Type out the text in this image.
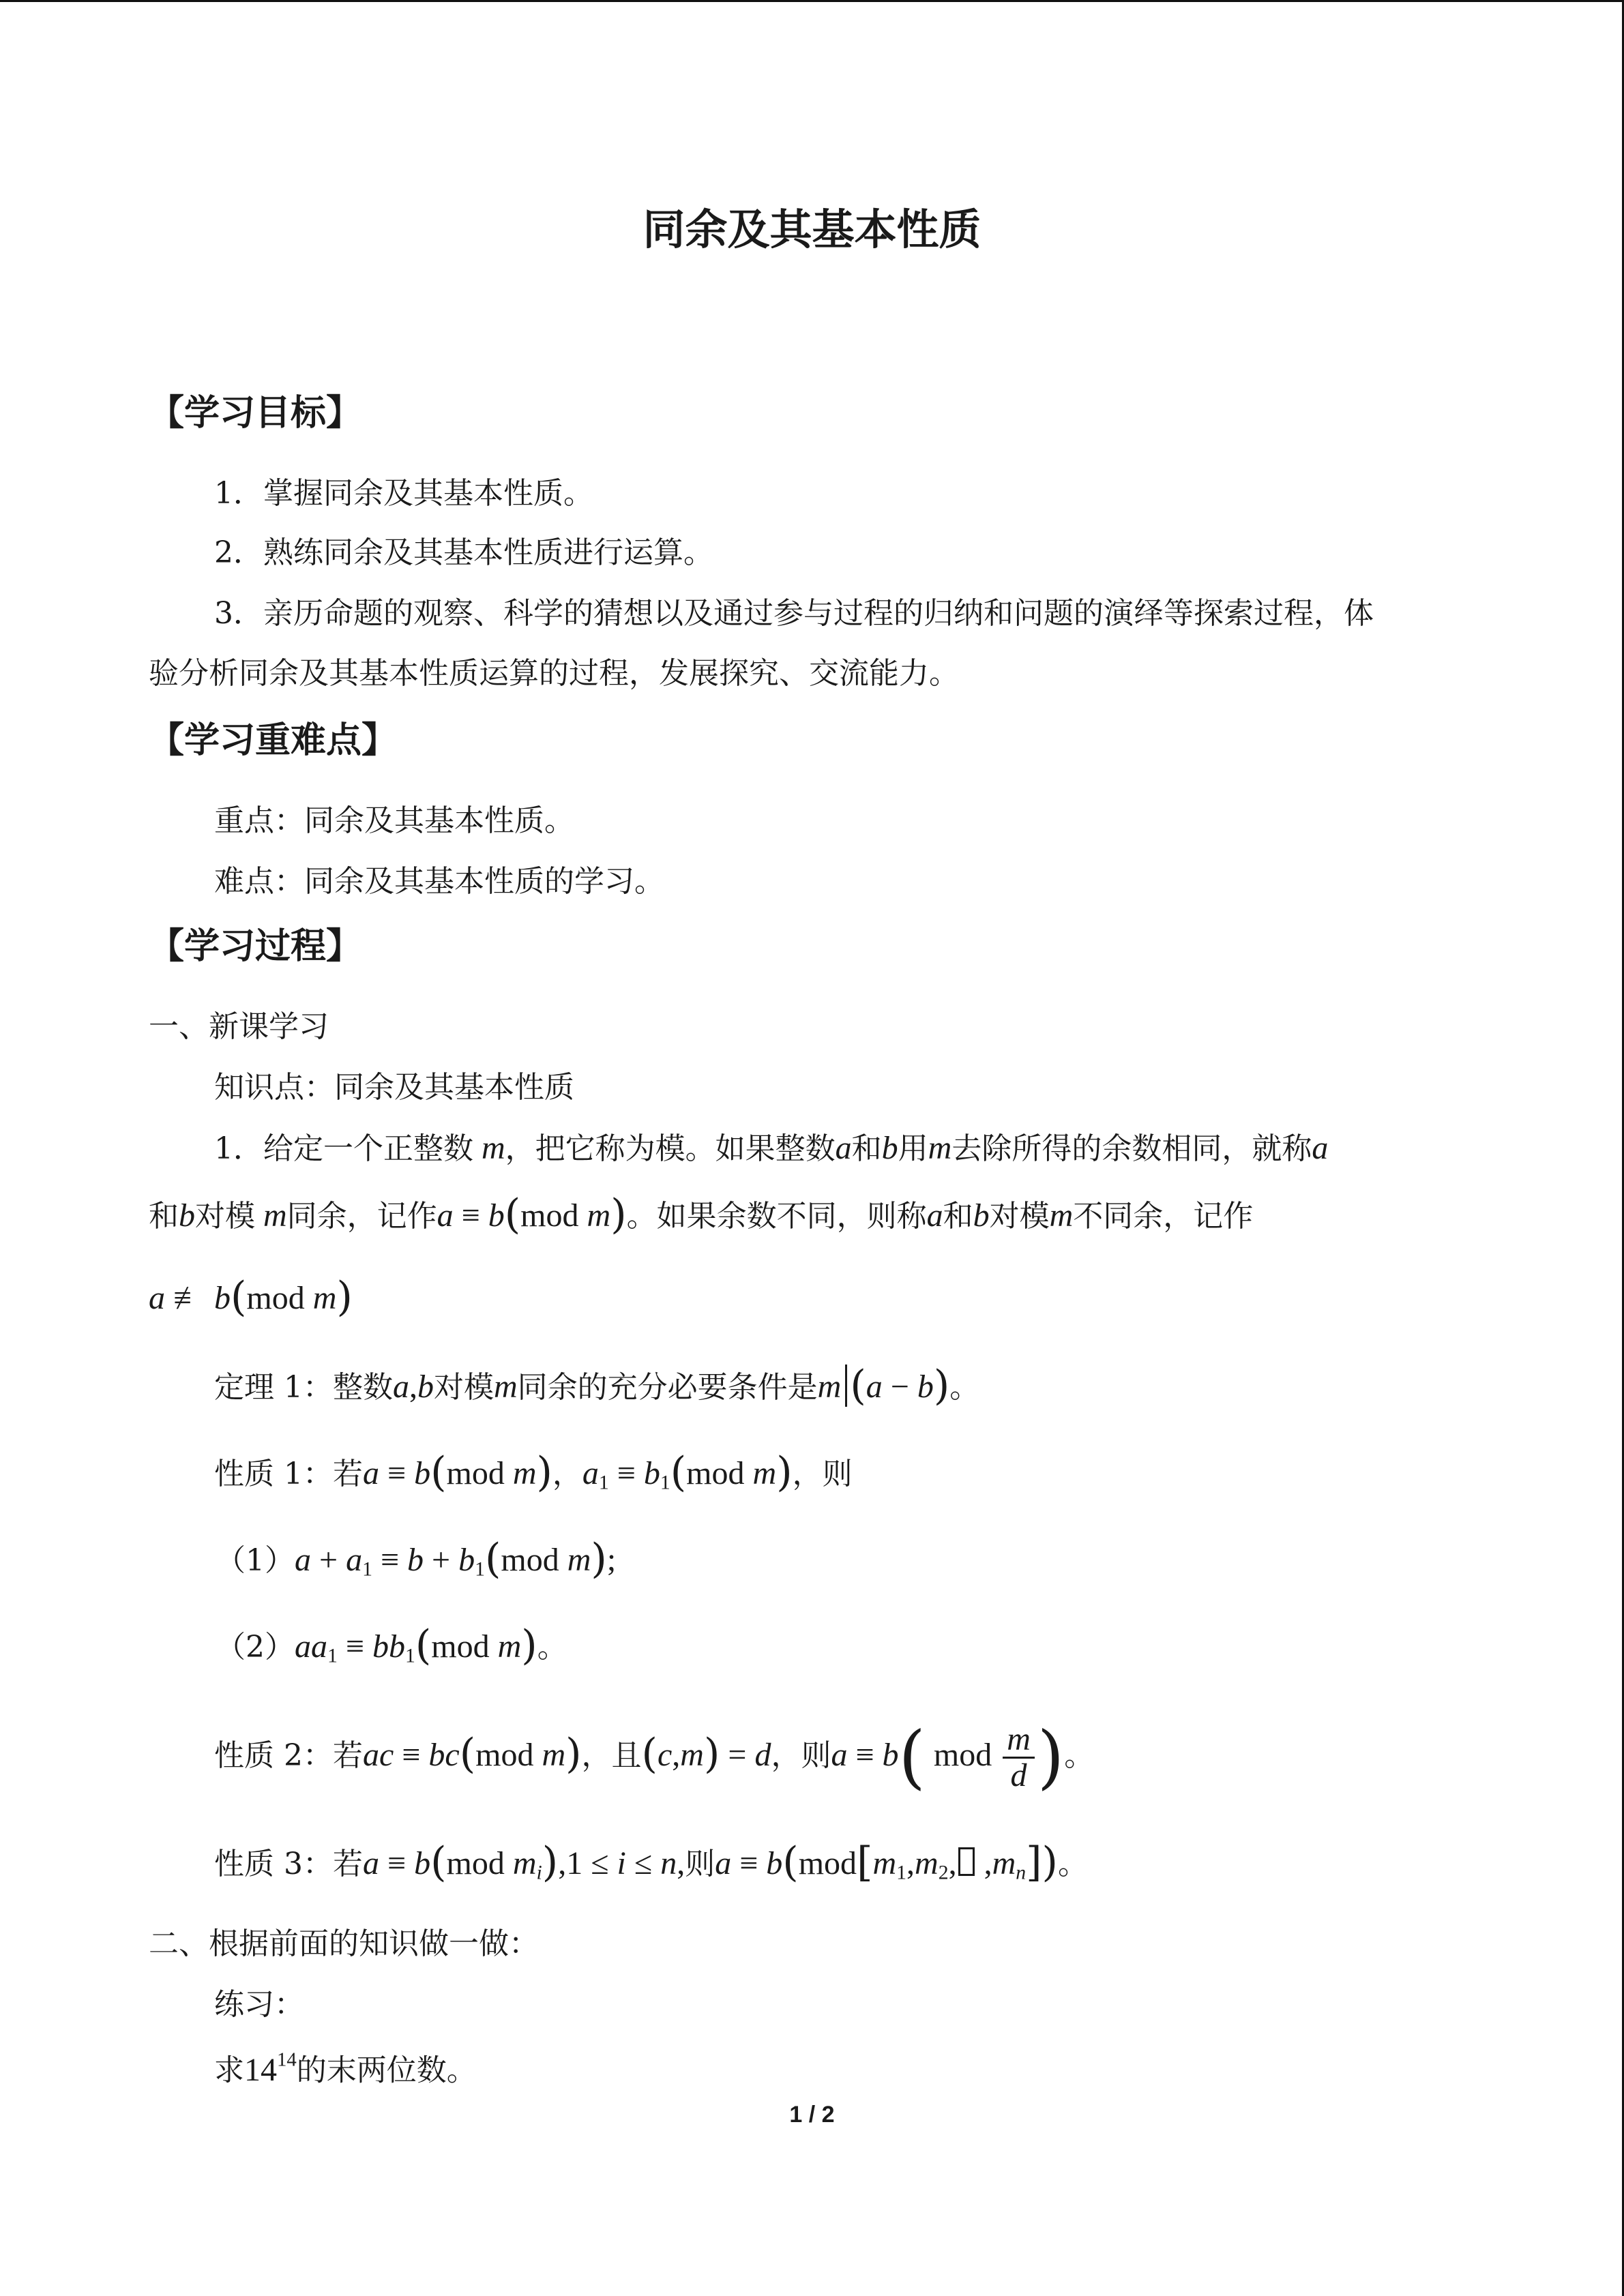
同余及其基本性质
【学习目标】
1．掌握同余及其基本性质。
2．熟练同余及其基本性质进行运算。
3．亲历命题的观察、科学的猜想以及通过参与过程的归纳和问题的演绎等探索过程，体
验分析同余及其基本性质运算的过程，发展探究、交流能力。
【学习重难点】
重点：同余及其基本性质。
难点：同余及其基本性质的学习。
【学习过程】
一、新课学习
知识点：同余及其基本性质
1．给定一个正整数 m，把它称为模。如果整数a和b用m去除所得的余数相同，就称a
和b对模 m同余，记作a ≡ b(mod m)。如果余数不同，则称a和b对模m不同余，记作
a ≢ b(mod m)
定理 1：整数a,b对模m同余的充分必要条件是m (a − b)。
性质 1：若a ≡ b(mod m)，$a_1 \equiv b_1(mod$ m)，则
$(1)a + a_1 \equiv b + b_1(mod$ m);
$(2)aa_1 \equiv bb_1(mod$ m)。
性质 2：若ac ≡ bc(mod m)，且(c,m) = d，则a ≡ b( mod $\frac{m}{d}$ )。
性质 3：若a ≡ b(mod mi),1 ≤ i ≤ n,则$a \equiv b(mod[m_1,m_2$, ,mn])。
二、根据前面的知识做一做：
练习：
求$14^{14}$的末两位数。
1 / 2
